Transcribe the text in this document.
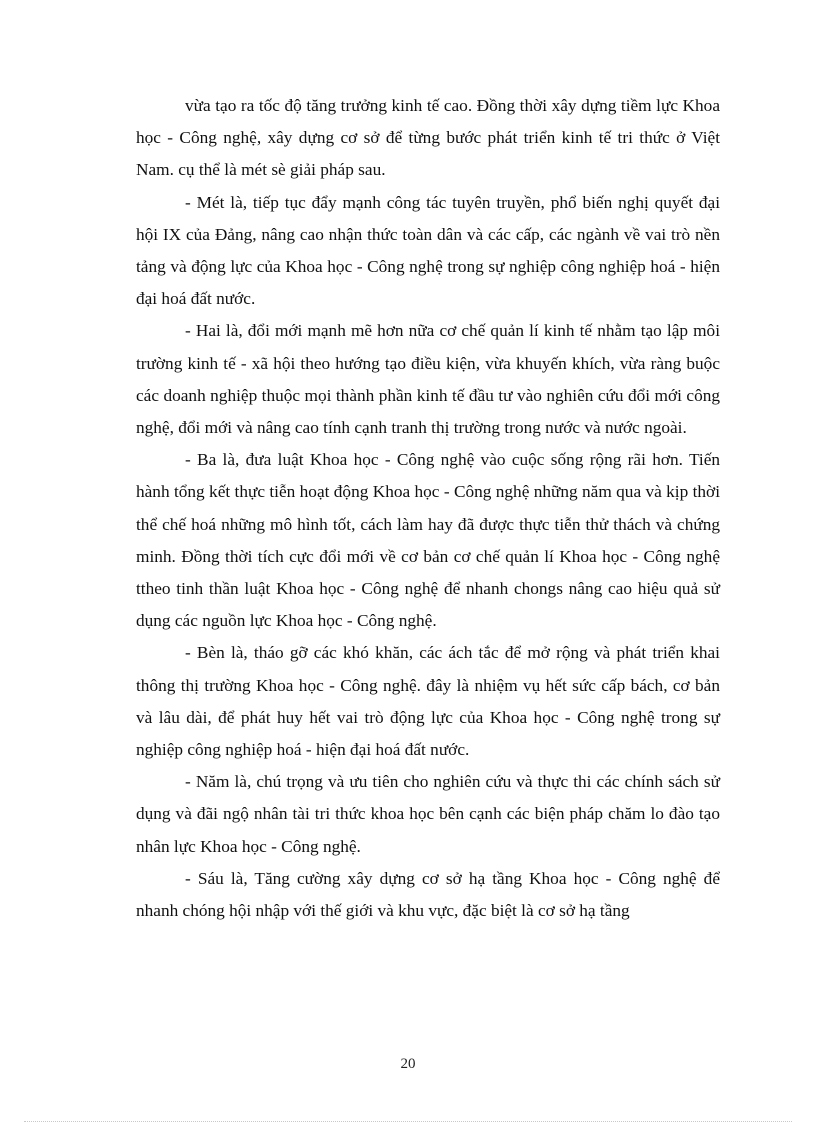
vừa tạo ra tốc độ tăng trưởng kinh tế cao. Đồng thời xây dựng tiềm lực Khoa học - Công nghệ, xây dựng cơ sở để từng bước phát triển kinh tế tri thức ở Việt Nam. cụ thể là mét sè giải pháp sau.

- Mét là, tiếp tục đẩy mạnh công tác tuyên truyền, phổ biến nghị quyết đại hội IX của Đảng, nâng cao nhận thức toàn dân và các cấp, các ngành về vai trò nền tảng và động lực của Khoa học - Công nghệ trong sự nghiệp công nghiệp hoá - hiện đại hoá đất nước.

- Hai là, đổi mới mạnh mẽ hơn nữa cơ chế quản lí kinh tế nhằm tạo lập môi trường kinh tế - xã hội theo hướng tạo điều kiện, vừa khuyến khích, vừa ràng buộc các doanh nghiệp thuộc mọi thành phần kinh tế đầu tư vào nghiên cứu đổi mới công nghệ, đổi mới và nâng cao tính cạnh tranh thị trường trong nước và nước ngoài.

- Ba là, đưa luật Khoa học - Công nghệ vào cuộc sống rộng rãi hơn. Tiến hành tổng kết thực tiễn hoạt động Khoa học - Công nghệ những năm qua và kịp thời thể chế hoá những mô hình tốt, cách làm hay đã được thực tiễn thử thách và chứng minh. Đồng thời tích cực đổi mới về cơ bản cơ chế quản lí Khoa học - Công nghệ ttheo tinh thần luật Khoa học - Công nghệ để nhanh chongs nâng cao hiệu quả sử dụng các nguồn lực Khoa học - Công nghệ.

- Bèn là, tháo gỡ các khó khăn, các ách tắc để mở rộng và phát triển khai thông thị trường Khoa học - Công nghệ. đây là nhiệm vụ hết sức cấp bách, cơ bản và lâu dài, để phát huy hết vai trò động lực của Khoa học - Công nghệ trong sự nghiệp công nghiệp hoá - hiện đại hoá đất nước.

- Năm là, chú trọng và ưu tiên cho nghiên cứu và thực thi các chính sách sử dụng và đãi ngộ nhân tài tri thức khoa học bên cạnh các biện pháp chăm lo đào tạo nhân lực Khoa học - Công nghệ.

- Sáu là, Tăng cường xây dựng cơ sở hạ tầng Khoa học - Công nghệ để nhanh chóng hội nhập với thế giới và khu vực, đặc biệt là cơ sở hạ tầng

20
